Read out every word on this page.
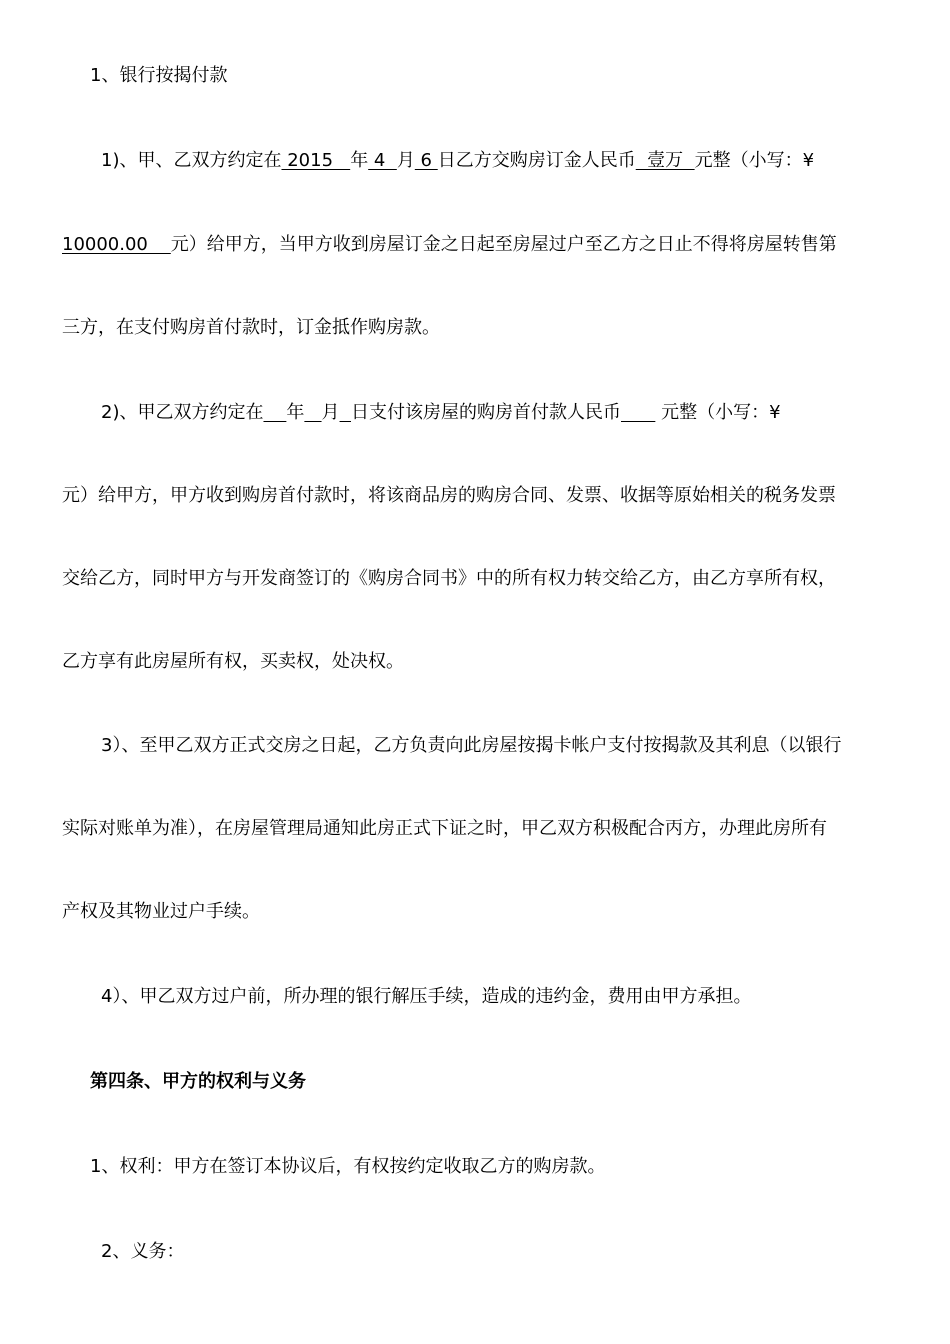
1、银行按揭付款
1)、甲、乙双方约定在 2015   年 4  月 6 日乙方交购房订金人民币  壹万  元整（小写：¥
10000.00    元）给甲方，当甲方收到房屋订金之日起至房屋过户至乙方之日止不得将房屋转售第
三方，在支付购房首付款时，订金抵作购房款。
2)、甲乙双方约定在 年 月 日支付该房屋的购房首付款人民币       元整（小写：¥
元）给甲方，甲方收到购房首付款时，将该商品房的购房合同、发票、收据等原始相关的税务发票
交给乙方，同时甲方与开发商签订的《购房合同书》中的所有权力转交给乙方，由乙方享所有权，
乙方享有此房屋所有权，买卖权，处决权。
3）、至甲乙双方正式交房之日起，乙方负责向此房屋按揭卡帐户支付按揭款及其利息（以银行
实际对账单为准），在房屋管理局通知此房正式下证之时，甲乙双方积极配合丙方，办理此房所有
产权及其物业过户手续。
4）、甲乙双方过户前，所办理的银行解压手续，造成的违约金，费用由甲方承担。
第四条、甲方的权利与义务
1、权利：甲方在签订本协议后，有权按约定收取乙方的购房款。
2、义务：
